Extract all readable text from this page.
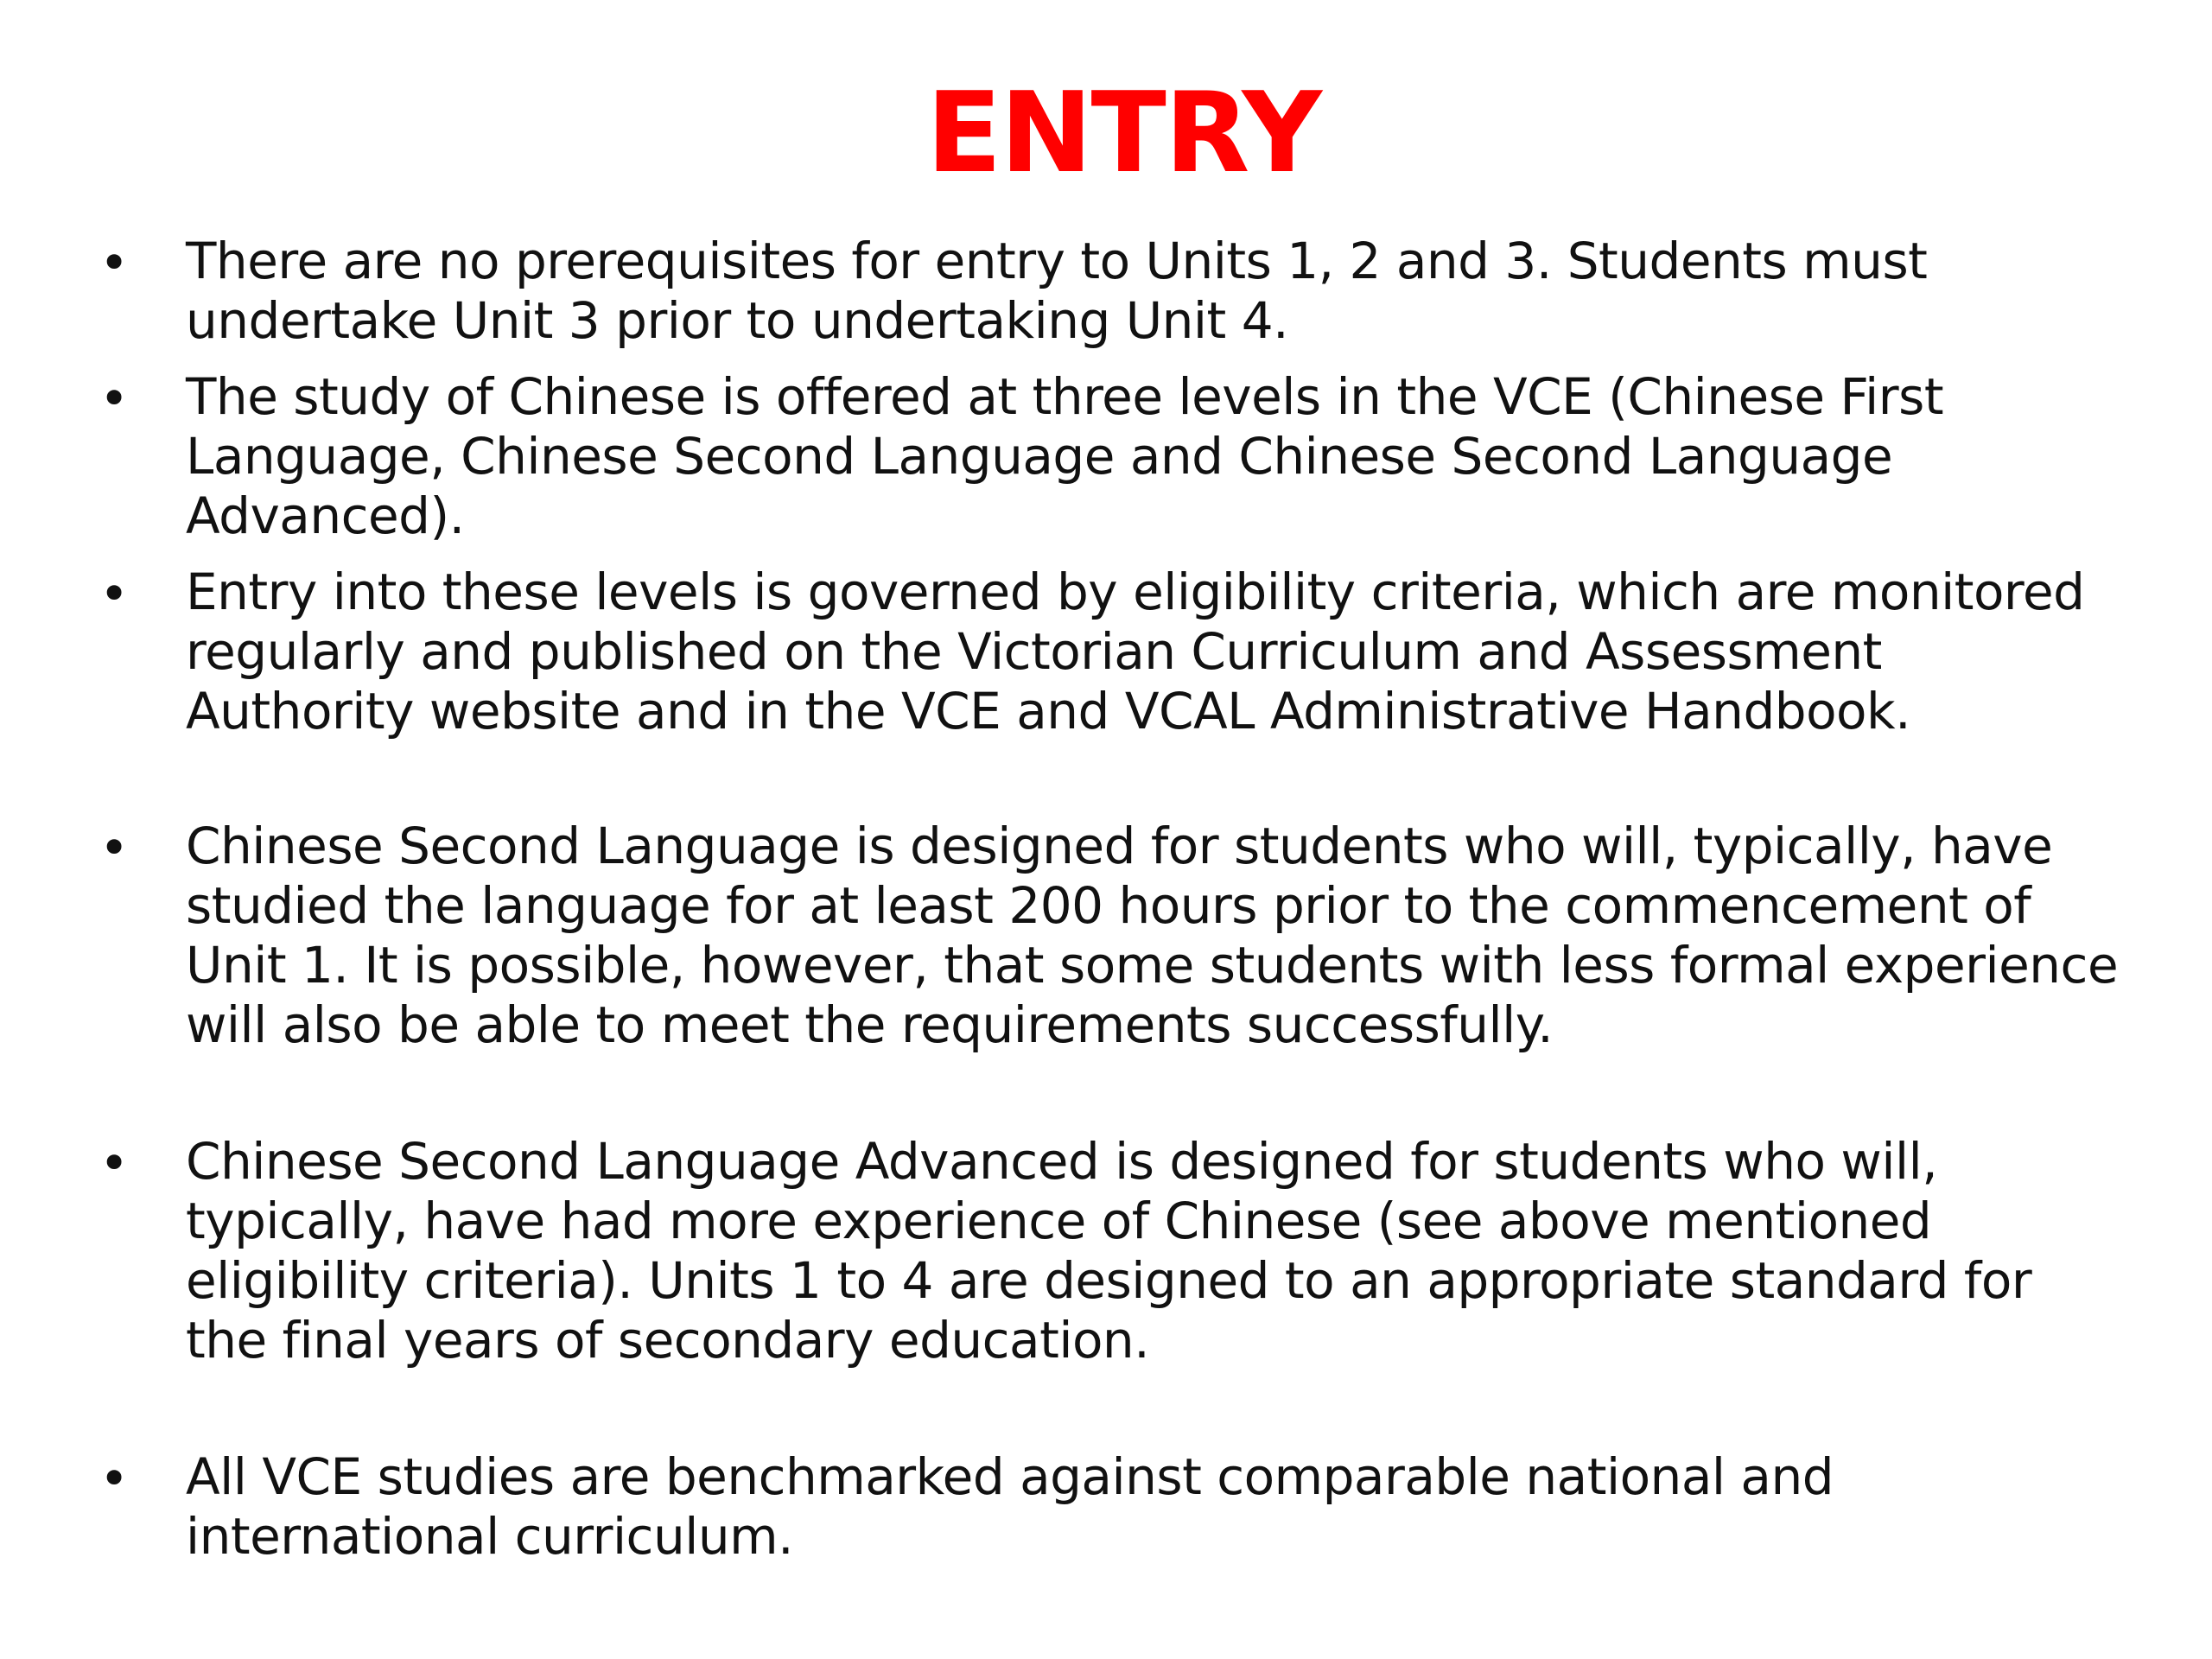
ENTRY
• There are no prerequisites for entry to Units 1, 2 and 3. Students must undertake Unit 3 prior to undertaking Unit 4.
• The study of Chinese is offered at three levels in the VCE (Chinese First Language, Chinese Second Language and Chinese Second Language Advanced).
• Entry into these levels is governed by eligibility criteria, which are monitored regularly and published on the Victorian Curriculum and Assessment Authority website and in the VCE and VCAL Administrative Handbook.
• Chinese Second Language is designed for students who will, typically, have studied the language for at least 200 hours prior to the commencement of Unit 1. It is possible, however, that some students with less formal experience will also be able to meet the requirements successfully.
• Chinese Second Language Advanced is designed for students who will, typically, have had more experience of Chinese (see above mentioned eligibility criteria). Units 1 to 4 are designed to an appropriate standard for the final years of secondary education.
• All VCE studies are benchmarked against comparable national and international curriculum.
